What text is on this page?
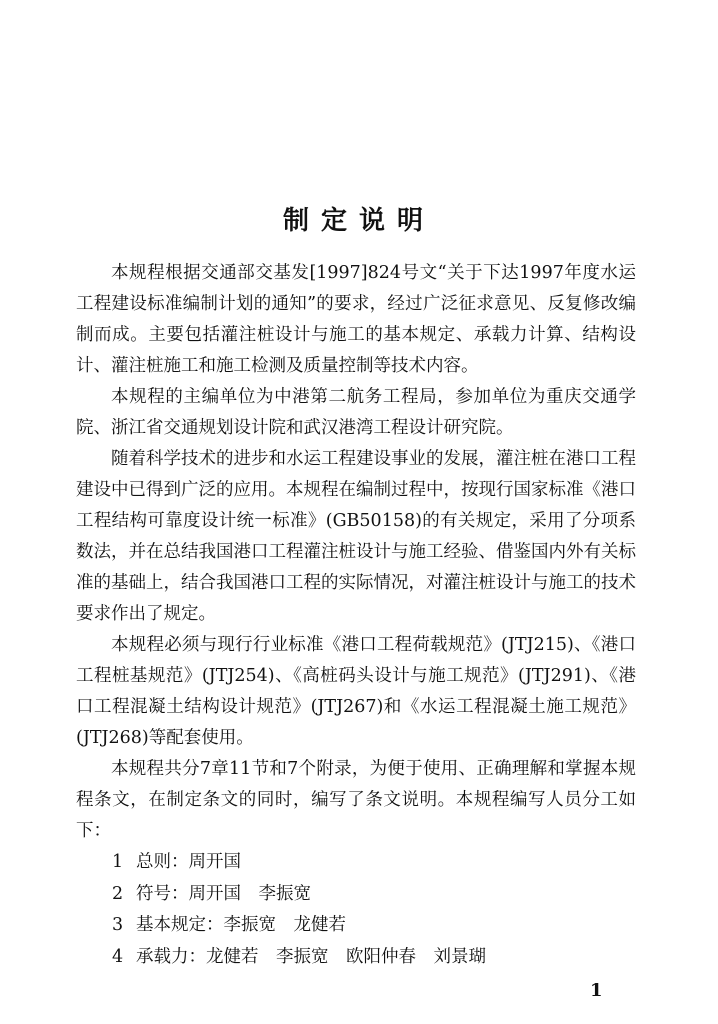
制定说明

本规程根据交通部交基发[1997]824号文“关于下达1997年度水运工程建设标准编制计划的通知”的要求，经过广泛征求意见、反复修改编制而成。主要包括灌注桩设计与施工的基本规定、承载力计算、结构设计、灌注桩施工和施工检测及质量控制等技术内容。

本规程的主编单位为中港第二航务工程局，参加单位为重庆交通学院、浙江省交通规划设计院和武汉港湾工程设计研究院。

随着科学技术的进步和水运工程建设事业的发展，灌注桩在港口工程建设中已得到广泛的应用。本规程在编制过程中，按现行国家标准《港口工程结构可靠度设计统一标准》(GB50158)的有关规定，采用了分项系数法，并在总结我国港口工程灌注桩设计与施工经验、借鉴国内外有关标准的基础上，结合我国港口工程的实际情况，对灌注桩设计与施工的技术要求作出了规定。

本规程必须与现行行业标准《港口工程荷载规范》(JTJ215)、《港口工程桩基规范》(JTJ254)、《高桩码头设计与施工规范》(JTJ291)、《港口工程混凝土结构设计规范》(JTJ267)和《水运工程混凝土施工规范》(JTJ268)等配套使用。

本规程共分7章11节和7个附录，为便于使用、正确理解和掌握本规程条文，在制定条文的同时，编写了条文说明。本规程编写人员分工如下：

1 总则：周开国
2 符号：周开国　李振宽
3 基本规定：李振宽　龙健若
4 承载力：龙健若　李振宽　欧阳仲春　刘景瑚
1
